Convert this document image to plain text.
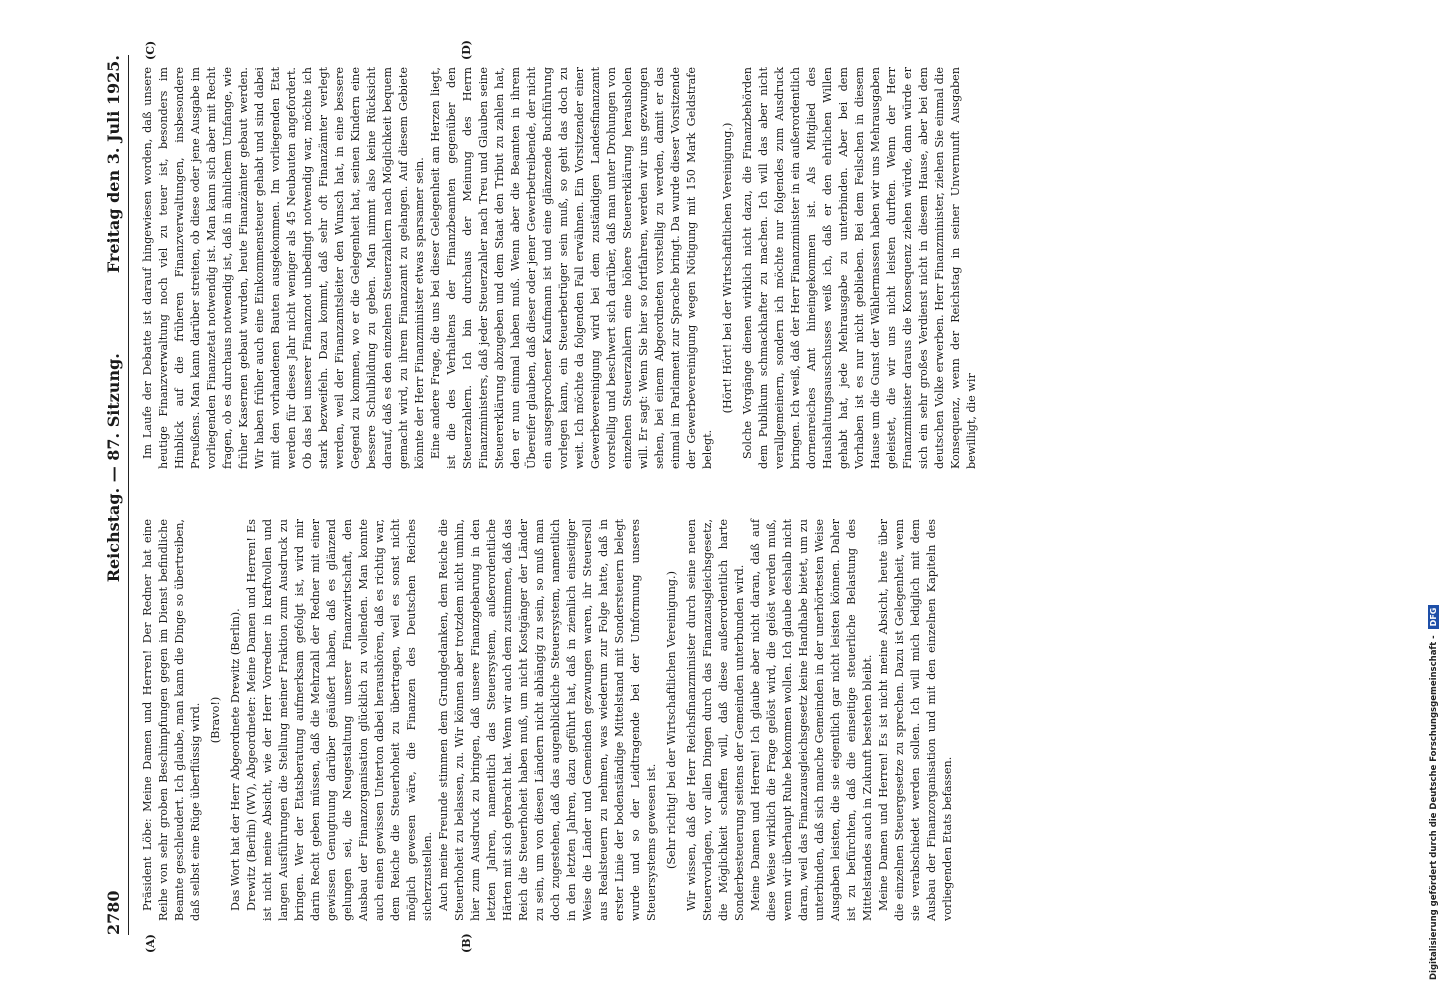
2780
Reichstag. — 87. Sitzung.
Freitag den 3. Juli 1925.
(A)	(B)
(C)	(D)

Präsident Löbe: Meine Damen und Herren! Der Redner hat eine Reihe von sehr groben Beschimpfungen gegen im Dienst befindliche Beamte geschleudert. Ich glaube, man kann die Dinge so übertreiben, daß selbst eine Rüge überflüssig wird. (Bravo!) Das Wort hat der Herr Abgeordnete Drewitz (Berlin). Drewitz (Berlin) (WV), Abgeordneter: Meine Damen und Herren! Es ist nicht meine Absicht, wie der Herr Vorredner in kraftvollen und langen Ausführungen die Stellung meiner Fraktion zum Ausdruck zu bringen. Wer der Etatsberatung aufmerksam gefolgt ist, wird mir darin Recht geben müssen, daß die Mehrzahl der Redner mit einer gewissen Genugtuung darüber geäußert haben, daß es glänzend gelungen sei, die Neugestaltung unserer Finanzwirtschaft, den Ausbau der Finanzorganisation glücklich zu vollenden. Man konnte auch einen gewissen Unterton dabei heraushören, daß es richtig war, dem Reiche die Steuerhoheit zu übertragen, weil es sonst nicht möglich gewesen wäre, die Finanzen des Deutschen Reiches sicherzustellen. Auch meine Freunde stimmen dem Grundgedanken, dem Reiche die Steuerhoheit zu belassen, zu. Wir können aber trotzdem nicht umhin, hier zum Ausdruck zu bringen, daß unsere Finanzgebarung in den letzten Jahren, namentlich das Steuersystem, außerordentliche Härten mit sich gebracht hat. Wenn wir auch dem zustimmen, daß das Reich die Steuerhoheit haben muß, um nicht Kostgänger der Länder zu sein, um von diesen Ländern nicht abhängig zu sein, so muß man doch zugestehen, daß das augenblickliche Steuersystem, namentlich in den letzten Jahren, dazu geführt hat, daß in ziemlich einseitiger Weise die Länder und Gemeinden gezwungen waren, ihr Steuersoll aus Realsteuern zu nehmen, was wiederum zur Folge hatte, daß in erster Linie der bodenständige Mittelstand mit Sondersteuern belegt wurde und so der Leidtragende bei der Umformung unseres Steuersystems gewesen ist. (Sehr richtig! bei der Wirtschaftlichen Vereinigung.) Wir wissen, daß der Herr Reichsfinanzminister durch seine neuen Steuervorlagen, vor allen Dingen durch das Finanzausgleichsgesetz, die Möglichkeit schaffen will, daß diese außerordentlich harte Sonderbesteuerung seitens der Gemeinden unterbunden wird. Meine Damen und Herren! Ich glaube aber nicht daran, daß auf diese Weise wirklich die Frage gelöst wird, die gelöst werden muß, wenn wir überhaupt Ruhe bekommen wollen. Ich glaube deshalb nicht daran, weil das Finanzausgleichsgesetz keine Handhabe bietet, um zu unterbinden, daß sich manche Gemeinden in der unerhörtesten Weise Ausgaben leisten, die sie eigentlich gar nicht leisten können. Daher ist zu befürchten, daß die einseitige steuerliche Belastung des Mittelstandes auch in Zukunft bestehen bleibt. Meine Damen und Herren! Es ist nicht meine Absicht, heute über die einzelnen Steuergesetze zu sprechen. Dazu ist Gelegenheit, wenn sie verabschiedet werden sollen. Ich will mich lediglich mit dem Ausbau der Finanzorganisation und mit den einzelnen Kapiteln des vorliegenden Etats befassen.

Im Laufe der Debatte ist darauf hingewiesen worden, daß unsere heutige Finanzverwaltung noch viel zu teuer ist, besonders im Hinblick auf die früheren Finanzverwaltungen, insbesondere Preußens. Man kann darüber streiten, ob diese oder jene Ausgabe im vorliegenden Finanzetat notwendig ist. Man kann sich aber mit Recht fragen, ob es durchaus notwendig ist, daß in ähnlichem Umfange, wie früher Kasernen gebaut wurden, heute Finanzämter gebaut werden. Wir haben früher auch eine Einkommensteuer gehabt und sind dabei mit den vorhandenen Bauten ausgekommen. Im vorliegenden Etat werden für dieses Jahr nicht weniger als 45 Neubauten angefordert. Ob das bei unserer Finanznot unbedingt notwendig war, möchte ich stark bezweifeln. Dazu kommt, daß sehr oft Finanzämter verlegt werden, weil der Finanzamtsleiter den Wunsch hat, in eine bessere Gegend zu kommen, wo er die Gelegenheit hat, seinen Kindern eine bessere Schulbildung zu geben. Man nimmt also keine Rücksicht darauf, daß es den einzelnen Steuerzahlern nach Möglichkeit bequem gemacht wird, zu ihrem Finanzamt zu gelangen. Auf diesem Gebiete könnte der Herr Finanzminister etwas sparsamer sein. Eine andere Frage, die uns bei dieser Gelegenheit am Herzen liegt, ist die des Verhaltens der Finanzbeamten gegenüber den Steuerzahlern. Ich bin durchaus der Meinung des Herrn Finanzministers, daß jeder Steuerzahler nach Treu und Glauben seine Steuererklärung abzugeben und dem Staat den Tribut zu zahlen hat, den er nun einmal haben muß. Wenn aber die Beamten in ihrem Übereifer glauben, daß dieser oder jener Gewerbetreibende, der nicht ein ausgesprochener Kaufmann ist und eine glänzende Buchführung vorlegen kann, ein Steuerbetrüger sein muß, so geht das doch zu weit. Ich möchte da folgenden Fall erwähnen. Ein Vorsitzender einer Gewerbevereinigung wird bei dem zuständigen Landesfinanzamt vorstellig und beschwert sich darüber, daß man unter Drohungen von einzelnen Steuerzahlern eine höhere Steuererklärung herausholen will. Er sagt: Wenn Sie hier so fortfahren, werden wir uns gezwungen sehen, bei einem Abgeordneten vorstellig zu werden, damit er das einmal im Parlament zur Sprache bringt. Da wurde dieser Vorsitzende der Gewerbevereinigung wegen Nötigung mit 150 Mark Geldstrafe belegt.

(Hört! Hört! bei der Wirtschaftlichen Vereinigung.) Solche Vorgänge dienen wirklich nicht dazu, die Finanzbehörden dem Publikum schmackhafter zu machen. Ich will das aber nicht verallgemeinern, sondern ich möchte nur folgendes zum Ausdruck bringen. Ich weiß, daß der Herr Finanzminister in ein außerordentlich dornenreiches Amt hineingekommen ist. Als Mitglied des Haushaltungsausschusses weiß ich, daß er den ehrlichen Willen gehabt hat, jede Mehrausgabe zu unterbinden. Aber bei dem Vorhaben ist es nur nicht geblieben. Bei dem Feilschen in diesem Hause um die Gunst der Wählermassen haben wir uns Mehrausgaben geleistet, die wir uns nicht leisten durften. Wenn der Herr Finanzminister daraus die Konsequenz ziehen würde, dann würde er sich ein sehr großes Verdienst nicht in diesem Hause, aber bei dem deutschen Volke erwerben. Herr Finanzminister, ziehen Sie einmal die Konsequenz, wenn der Reichstag in seiner Unvernunft Ausgaben bewilligt, die wir

Digitalisierung gefördert durch die Deutsche Forschungsgemeinschaft -
DFG
